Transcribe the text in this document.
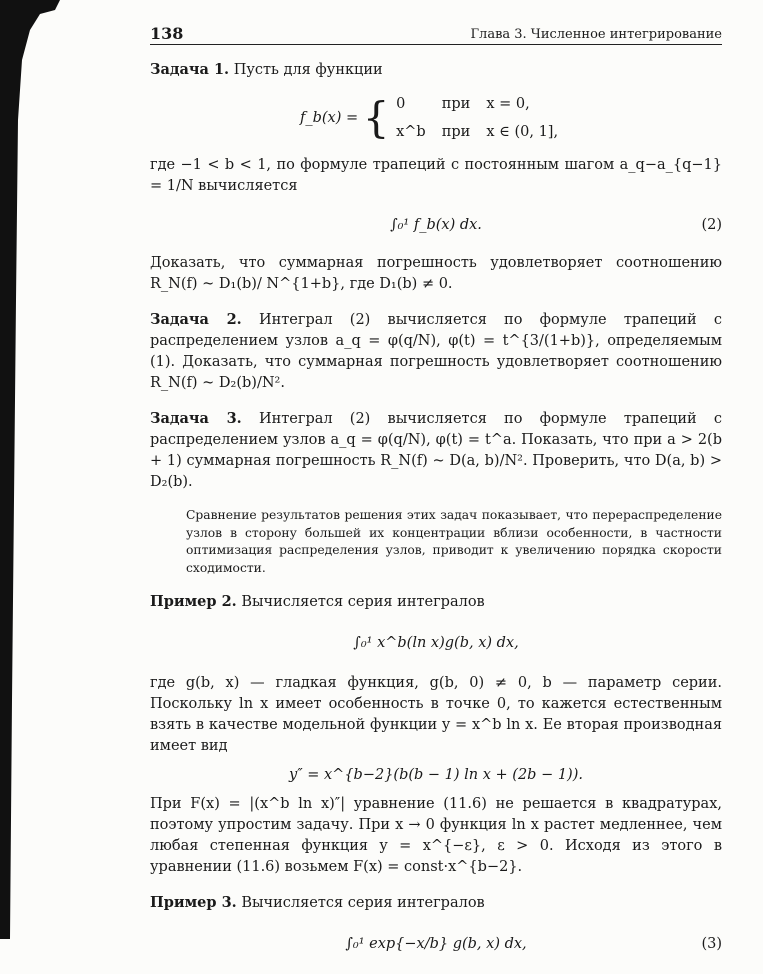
138	Глава 3. Численное интегрирование

Задача 1. Пусть для функции

f_b(x) = { 0	при	x = 0,
x^b	при	x ∈ (0, 1],

где −1 < b < 1, по формуле трапеций с постоянным шагом a_q−a_{q−1} = 1/N вычисляется

∫₀¹ f_b(x) dx.	(2)

Доказать, что суммарная погрешность удовлетворяет соотношению R_N(f) ~ D₁(b)/ N^{1+b}, где D₁(b) ≠ 0.

Задача 2. Интеграл (2) вычисляется по формуле трапеций с распределением узлов a_q = φ(q/N), φ(t) = t^{3/(1+b)}, определяемым (1). Доказать, что суммарная погрешность удовлетворяет соотношению R_N(f) ~ D₂(b)/N².

Задача 3. Интеграл (2) вычисляется по формуле трапеций с распределением узлов a_q = φ(q/N), φ(t) = t^a. Показать, что при a > 2(b + 1) суммарная погрешность R_N(f) ~ D(a, b)/N². Проверить, что D(a, b) > D₂(b).

Сравнение результатов решения этих задач показывает, что перераспределение узлов в сторону большей их концентрации вблизи особенности, в частности оптимизация распределения узлов, приводит к увеличению порядка скорости сходимости.

Пример 2. Вычисляется серия интегралов

∫₀¹ x^b(ln x)g(b, x) dx,

где g(b, x) — гладкая функция, g(b, 0) ≠ 0, b — параметр серии. Поскольку ln x имеет особенность в точке 0, то кажется естественным взять в качестве модельной функции y = x^b ln x. Ее вторая производная имеет вид

y″ = x^{b−2}(b(b − 1) ln x + (2b − 1)).

При F(x) = |(x^b ln x)″| уравнение (11.6) не решается в квадратурах, поэтому упростим задачу. При x → 0 функция ln x растет медленнее, чем любая степенная функция y = x^{−ε}, ε > 0. Исходя из этого в уравнении (11.6) возьмем F(x) = const·x^{b−2}.

Пример 3. Вычисляется серия интегралов

∫₀¹ exp{−x/b} g(b, x) dx,	(3)
